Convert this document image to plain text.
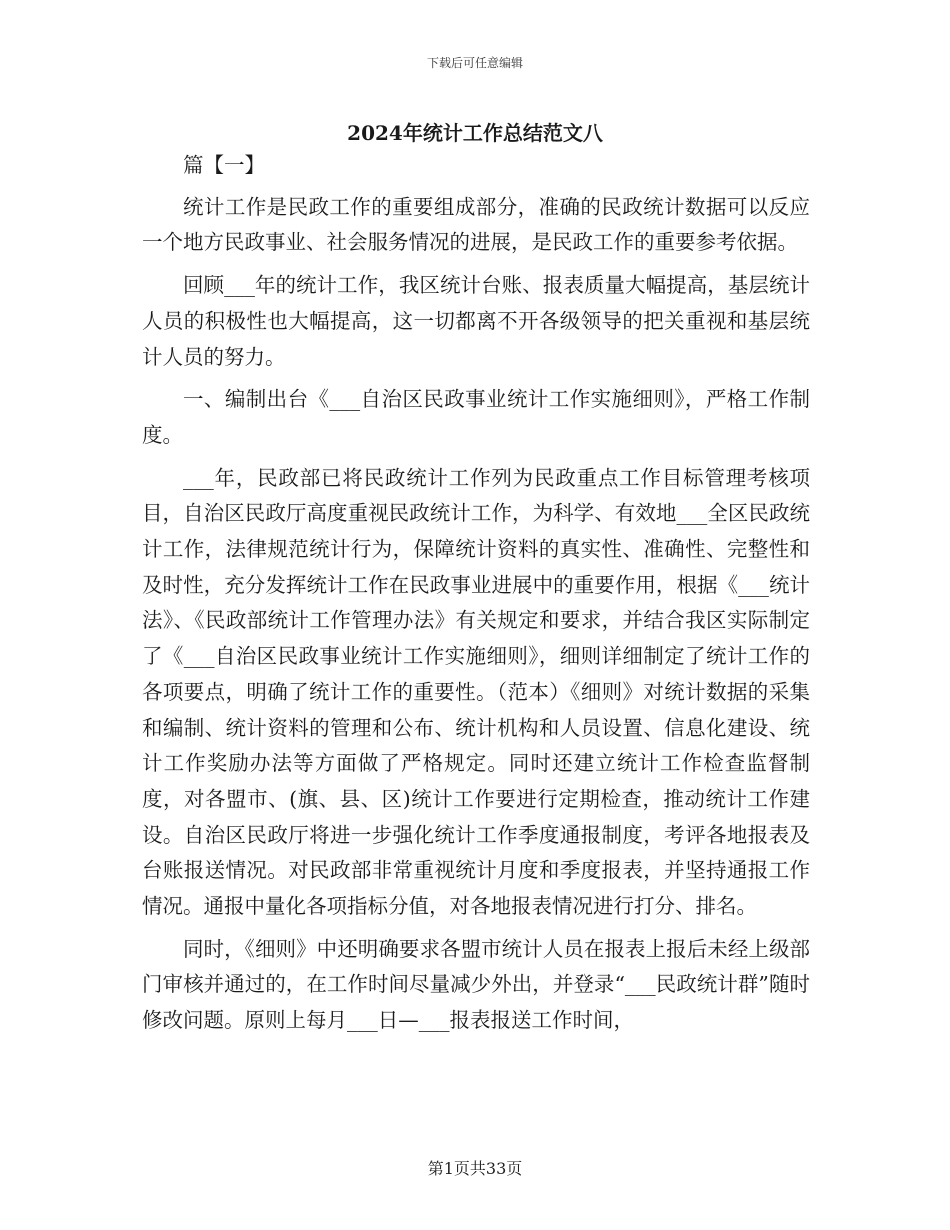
下载后可任意编辑
2024年统计工作总结范文八

篇【一】

统计工作是民政工作的重要组成部分，准确的民政统计数据可以反应一个地方民政事业、社会服务情况的进展，是民政工作的重要参考依据。

回顾___年的统计工作，我区统计台账、报表质量大幅提高，基层统计人员的积极性也大幅提高，这一切都离不开各级领导的把关重视和基层统计人员的努力。

一、编制出台《___自治区民政事业统计工作实施细则》，严格工作制度。

___年，民政部已将民政统计工作列为民政重点工作目标管理考核项目，自治区民政厅高度重视民政统计工作，为科学、有效地___全区民政统计工作，法律规范统计行为，保障统计资料的真实性、准确性、完整性和及时性，充分发挥统计工作在民政事业进展中的重要作用，根据《___统计法》、《民政部统计工作管理办法》有关规定和要求，并结合我区实际制定了《___自治区民政事业统计工作实施细则》，细则详细制定了统计工作的各项要点，明确了统计工作的重要性。（范本）《细则》对统计数据的采集和编制、统计资料的管理和公布、统计机构和人员设置、信息化建设、统计工作奖励办法等方面做了严格规定。同时还建立统计工作检查监督制度，对各盟市、(旗、县、区)统计工作要进行定期检查，推动统计工作建设。自治区民政厅将进一步强化统计工作季度通报制度，考评各地报表及台账报送情况。对民政部非常重视统计月度和季度报表，并坚持通报工作情况。通报中量化各项指标分值，对各地报表情况进行打分、排名。

同时，《细则》中还明确要求各盟市统计人员在报表上报后未经上级部门审核并通过的，在工作时间尽量减少外出，并登录“___民政统计群”随时修改问题。原则上每月___日—___报表报送工作时间，

第1页共33页
